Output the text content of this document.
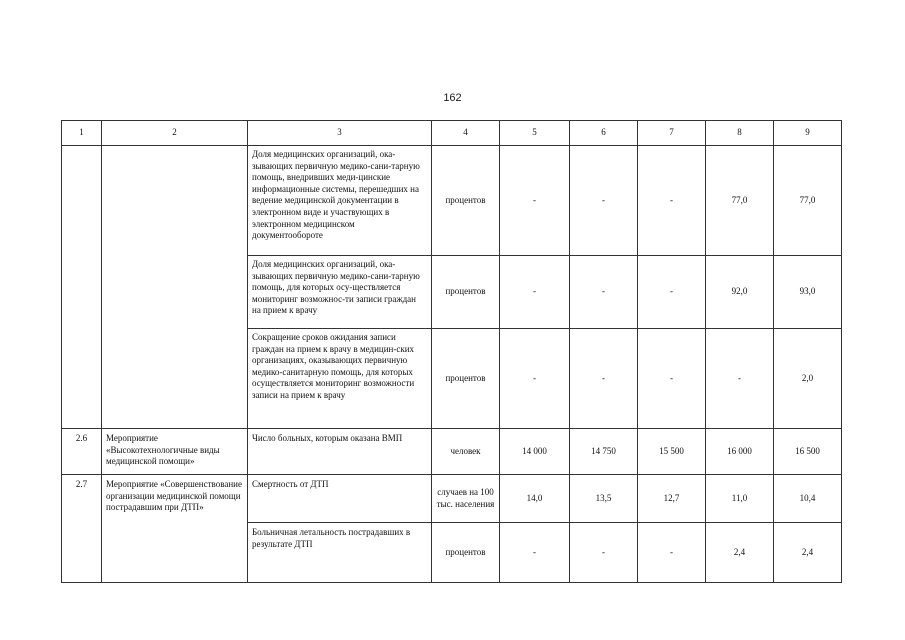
162
1	2	3	4	5	6	7	8	9
		Доля медицинских организаций, ока-зывающих первичную медико-сани-тарную помощь, внедривших меди-цинские информационные системы, перешедших на ведение медицинской документации в электронном виде и участвующих в электронном медицинском документообороте	процентов	-	-	-	77,0	77,0
		Доля медицинских организаций, ока-зывающих первичную медико-сани-тарную помощь, для которых осу-ществляется мониторинг возможнос-ти записи граждан на прием к врачу	процентов	-	-	-	92,0	93,0
		Сокращение сроков ожидания записи граждан на прием к врачу в медицин-ских организациях, оказывающих первичную медико-санитарную помощь, для которых осуществляется мониторинг возможности записи на прием к врачу	процентов	-	-	-	-	2,0
2.6	Мероприятие «Высокотехнологичные виды медицинской помощи»	Число больных, которым оказана ВМП	человек	14 000	14 750	15 500	16 000	16 500
2.7	Мероприятие «Совершенствование организации медицинской помощи пострадавшим при ДТП»	Смертность от ДТП	случаев на 100 тыс. населения	14,0	13,5	12,7	11,0	10,4
		Больничная летальность пострадавших в результате ДТП	процентов	-	-	-	2,4	2,4
